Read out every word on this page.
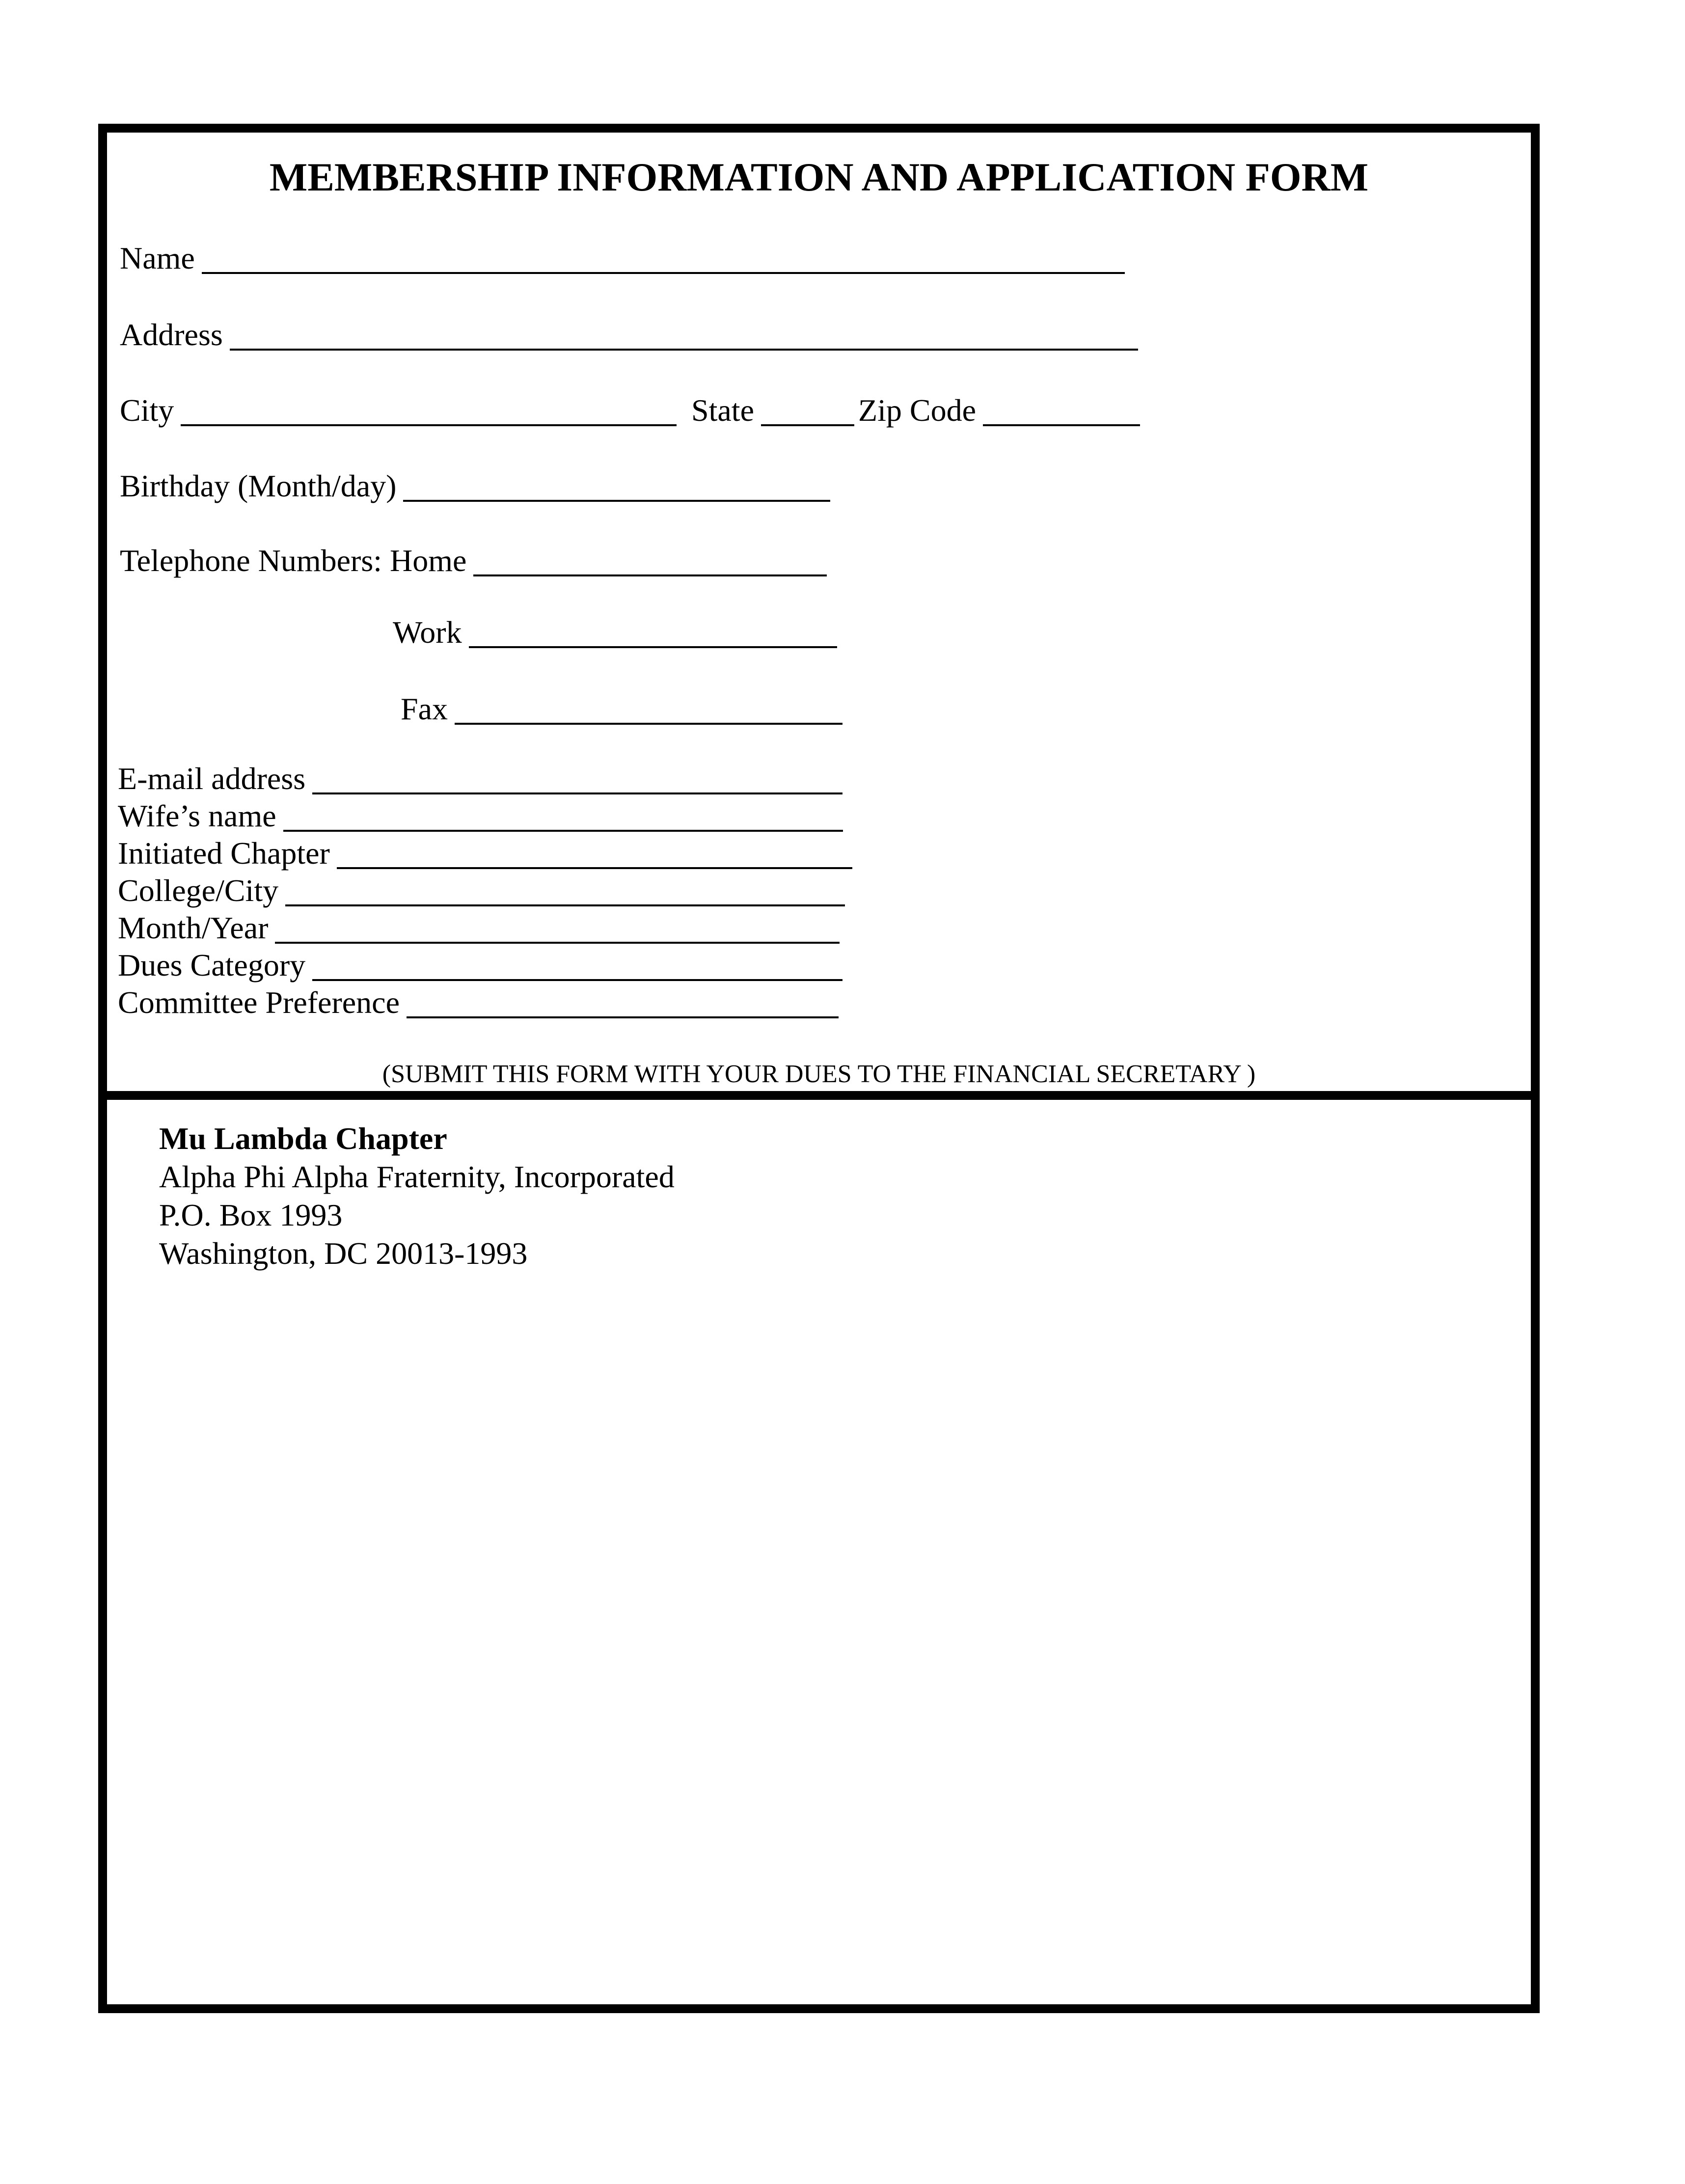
MEMBERSHIP INFORMATION AND APPLICATION FORM
Name
Address
City	State	Zip Code
Birthday (Month/day)
Telephone Numbers: Home
Work
Fax
E-mail address
Wife’s name
Initiated Chapter
College/City
Month/Year
Dues Category
Committee Preference
(SUBMIT THIS FORM WITH YOUR DUES TO THE FINANCIAL SECRETARY )
Mu Lambda Chapter
Alpha Phi Alpha Fraternity, Incorporated
P.O. Box 1993
Washington, DC 20013-1993
